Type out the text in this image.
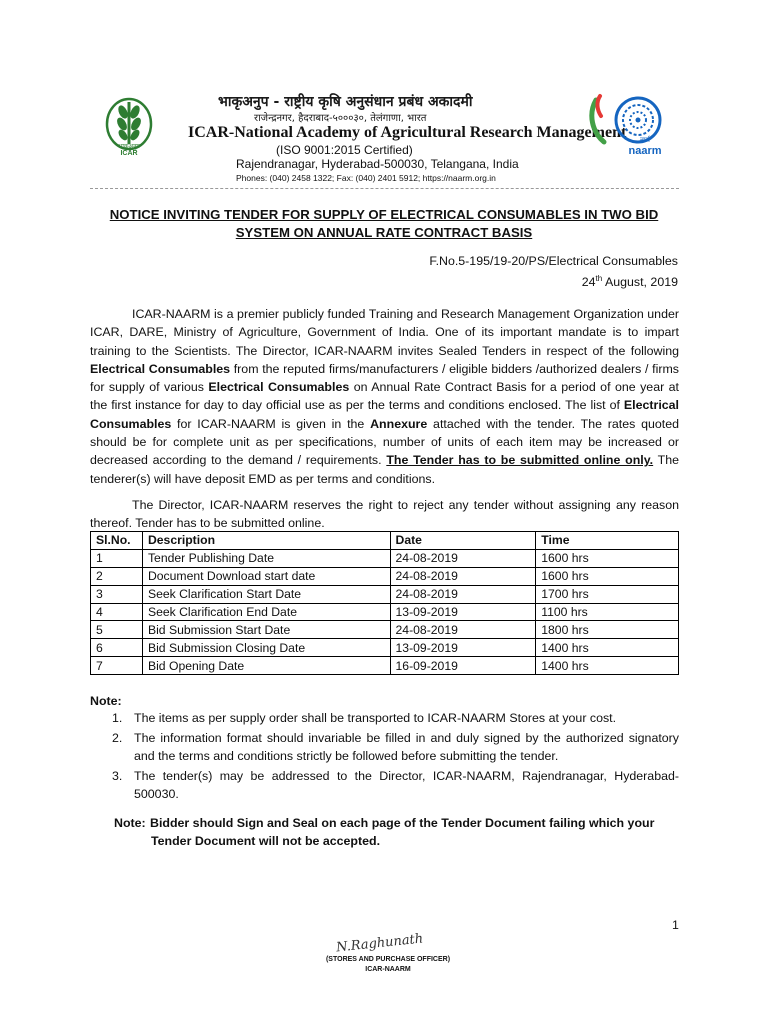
भाकृअनुप
ICAR
भाकृअनुप - राष्ट्रीय कृषि अनुसंधान प्रबंध अकादमी
राजेन्द्रनगर, हैदराबाद-५०००३०, तेलंगाणा, भारत
ICAR-National Academy of Agricultural Research Management
(ISO 9001:2015 Certified)
Rajendranagar, Hyderabad-500030, Telangana, India
Phones: (040) 2458 1322; Fax: (040) 2401 5912; https://naarm.org.in
नार्म
naarm
NOTICE INVITING TENDER FOR SUPPLY OF ELECTRICAL CONSUMABLES IN TWO BID
SYSTEM ON ANNUAL RATE CONTRACT BASIS
F.No.5-195/19-20/PS/Electrical Consumables
24th August, 2019
ICAR-NAARM is a premier publicly funded Training and Research Management Organization under ICAR, DARE, Ministry of Agriculture, Government of India. One of its important mandate is to impart training to the Scientists. The Director, ICAR-NAARM invites Sealed Tenders in respect of the following Electrical Consumables from the reputed firms/manufacturers / eligible bidders /authorized dealers / firms for supply of various Electrical Consumables on Annual Rate Contract Basis for a period of one year at the first instance for day to day official use as per the terms and conditions enclosed. The list of Electrical Consumables for ICAR-NAARM is given in the Annexure attached with the tender. The rates quoted should be for complete unit as per specifications, number of units of each item may be increased or decreased according to the demand / requirements. The Tender has to be submitted online only. The tenderer(s) will have deposit EMD as per terms and conditions.
The Director, ICAR-NAARM reserves the right to reject any tender without assigning any reason thereof. Tender has to be submitted online.
Sl.No.	Description	Date	Time
1	Tender Publishing Date	24-08-2019	1600 hrs
2	Document Download start date	24-08-2019	1600 hrs
3	Seek Clarification Start Date	24-08-2019	1700 hrs
4	Seek Clarification End Date	13-09-2019	1100 hrs
5	Bid Submission Start Date	24-08-2019	1800 hrs
6	Bid Submission Closing Date	13-09-2019	1400 hrs
7	Bid Opening Date	16-09-2019	1400 hrs
Note:
1. The items as per supply order shall be transported to ICAR-NAARM Stores at your cost.
2. The information format should invariable be filled in and duly signed by the authorized signatory and the terms and conditions strictly be followed before submitting the tender.
3. The tender(s) may be addressed to the Director, ICAR-NAARM, Rajendranagar, Hyderabad-500030.
Note: Bidder should Sign and Seal on each page of the Tender Document failing which your Tender Document will not be accepted.
1
N.Raghunath
(STORES AND PURCHASE OFFICER)
ICAR-NAARM
